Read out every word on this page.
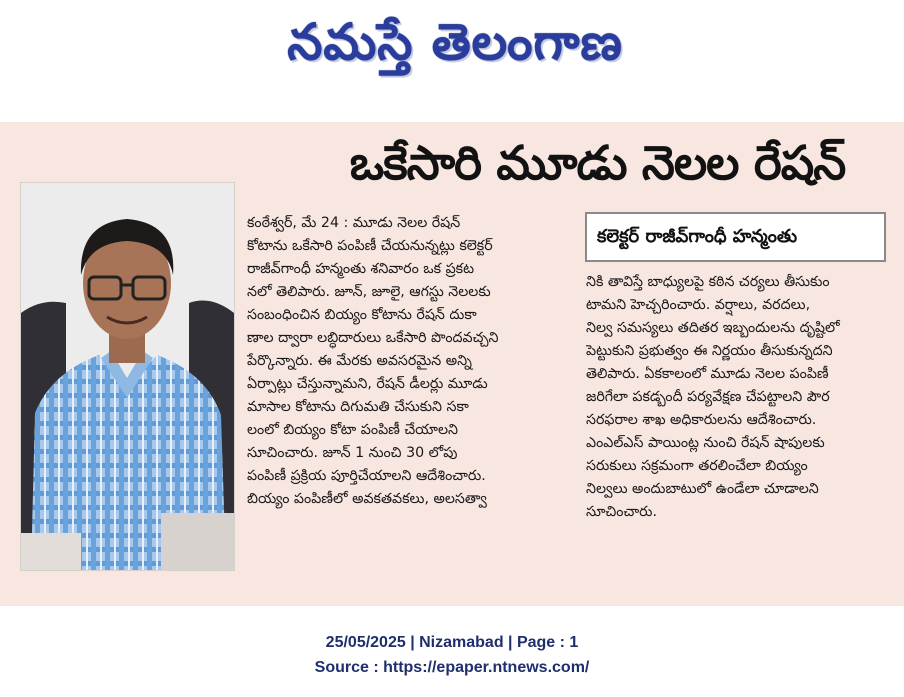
నమస్తే తెలంగాణ
ఒకేసారి మూడు నెలల రేషన్
కంఠేశ్వర్, మే 24 : మూడు నెలల రేషన్
కోటాను ఒకేసారి పంపిణీ చేయనున్నట్లు కలెక్టర్
రాజీవ్‌గాంధీ హన్మంతు శనివారం ఒక ప్రకట
నలో తెలిపారు. జూన్, జూలై, ఆగస్టు నెలలకు
సంబంధించిన బియ్యం కోటాను రేషన్ దుకా
ణాల ద్వారా లబ్ధిదారులు ఒకేసారి పొందవచ్చని
పేర్కొన్నారు. ఈ మేరకు అవసరమైన అన్ని
ఏర్పాట్లు చేస్తున్నామని, రేషన్ డీలర్లు మూడు
మాసాల కోటాను దిగుమతి చేసుకుని సకా
లంలో బియ్యం కోటా పంపిణీ చేయాలని
సూచించారు. జూన్ 1 నుంచి 30 లోపు
పంపిణీ ప్రక్రియ పూర్తిచేయాలని ఆదేశించారు.
బియ్యం పంపిణీలో అవకతవకలు, అలసత్వా
కలెక్టర్ రాజీవ్‌గాంధీ హన్మంతు
నికి తావిస్తే బాధ్యులపై కఠిన చర్యలు తీసుకుం
టామని హెచ్చరించారు. వర్షాలు, వరదలు,
నిల్వ సమస్యలు తదితర ఇబ్బందులను దృష్టిలో
పెట్టుకుని ప్రభుత్వం ఈ నిర్ణయం తీసుకున్నదని
తెలిపారు. ఏకకాలంలో మూడు నెలల పంపిణీ
జరిగేలా పకడ్బందీ పర్యవేక్షణ చేపట్టాలని పౌర
సరఫరాల శాఖ అధికారులను ఆదేశించారు.
ఎంఎల్ఎస్ పాయింట్ల నుంచి రేషన్ షాపులకు
సరుకులు సక్రమంగా తరలించేలా బియ్యం
నిల్వలు అందుబాటులో ఉండేలా చూడాలని
సూచించారు.
25/05/2025 | Nizamabad | Page : 1
Source : https://epaper.ntnews.com/
